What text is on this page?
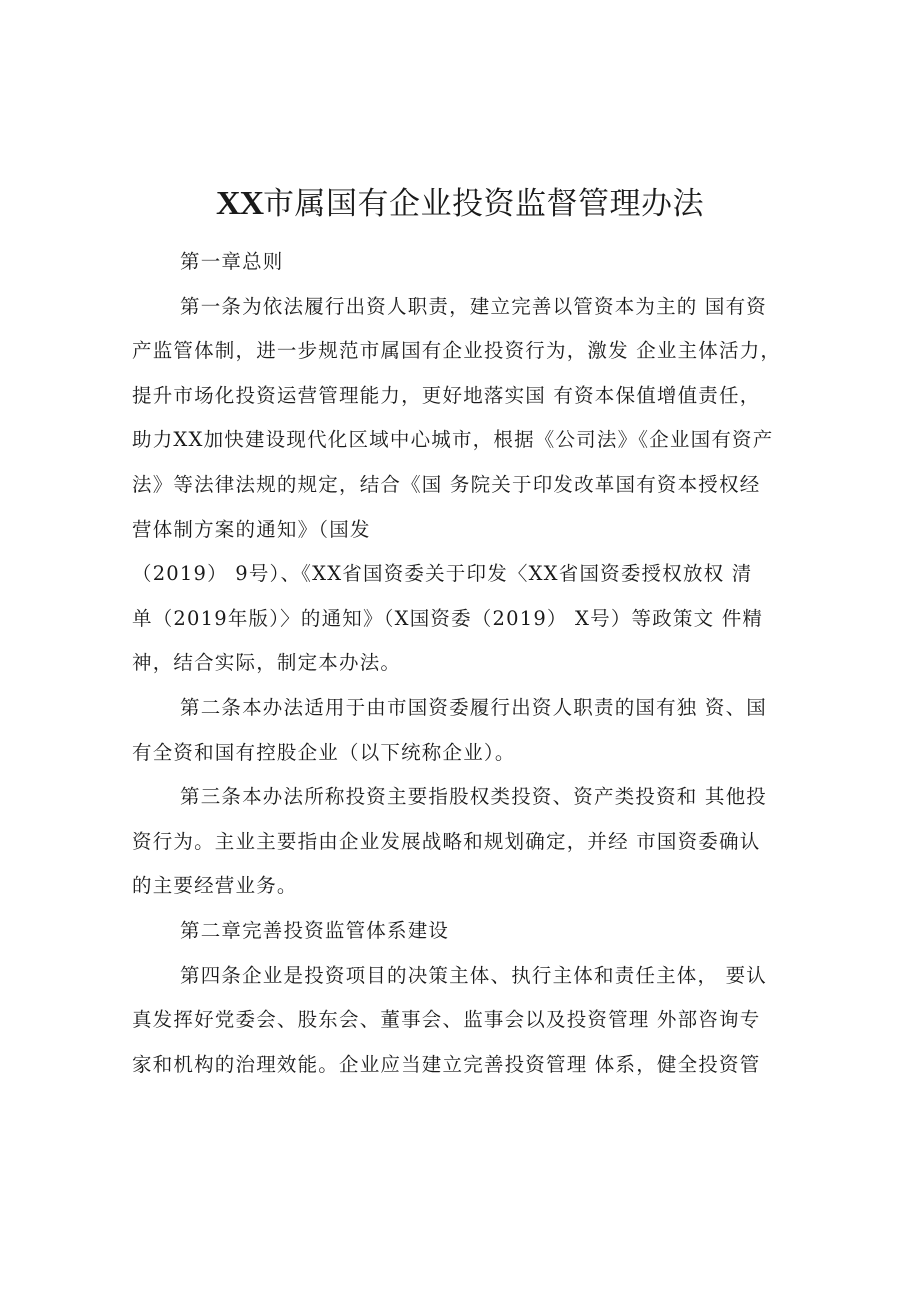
XX市属国有企业投资监督管理办法
第一章总则
第一条为依法履行出资人职责，建立完善以管资本为主的 国有资
产监管体制，进一步规范市属国有企业投资行为，激发 企业主体活力，
提升市场化投资运营管理能力，更好地落实国 有资本保值增值责任，
助力XX加快建设现代化区域中心城市，根据《公司法》《企业国有资产
法》等法律法规的规定，结合《国 务院关于印发改革国有资本授权经
营体制方案的通知》（国发
（2019） 9号）、《XX省国资委关于印发〈XX省国资委授权放权 清
单（2019年版）〉的通知》（X国资委（2019） X号）等政策文 件精
神，结合实际，制定本办法。
第二条本办法适用于由市国资委履行出资人职责的国有独 资、国
有全资和国有控股企业（以下统称企业）。
第三条本办法所称投资主要指股权类投资、资产类投资和 其他投
资行为。主业主要指由企业发展战略和规划确定，并经 市国资委确认
的主要经营业务。
第二章完善投资监管体系建设
第四条企业是投资项目的决策主体、执行主体和责任主体， 要认
真发挥好党委会、股东会、董事会、监事会以及投资管理 外部咨询专
家和机构的治理效能。企业应当建立完善投资管理 体系，健全投资管
